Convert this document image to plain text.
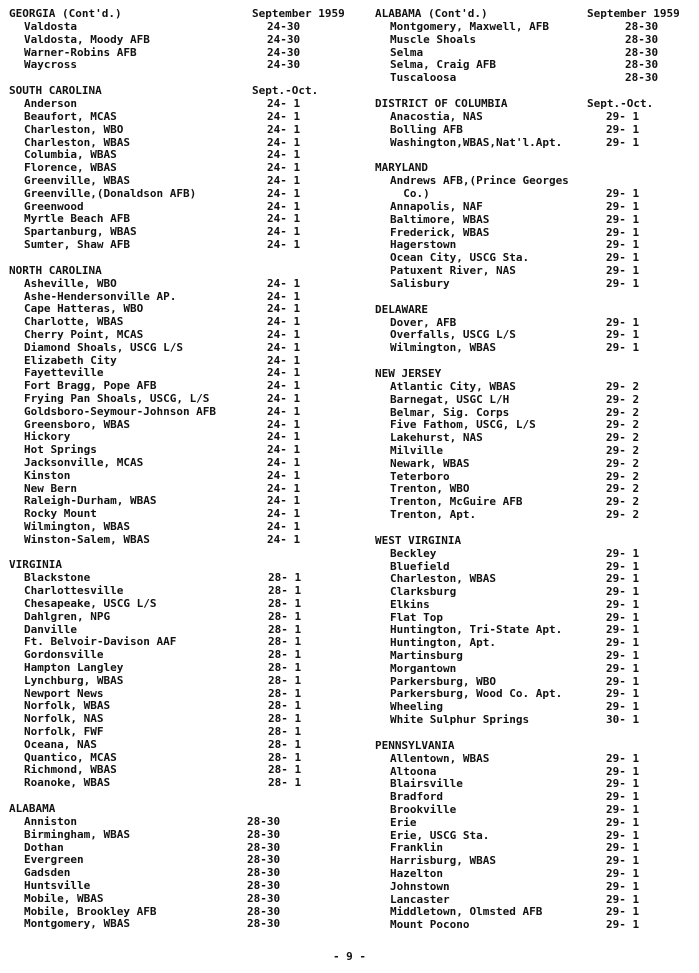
GEORGIA (Cont'd.)	September 1959
Valdosta	24-30
Valdosta, Moody AFB	24-30
Warner-Robins AFB	24-30
Waycross	24-30
SOUTH CAROLINA	Sept.-Oct.
Anderson	24- 1
Beaufort, MCAS	24- 1
Charleston, WBO	24- 1
Charleston, WBAS	24- 1
Columbia, WBAS	24- 1
Florence, WBAS	24- 1
Greenville, WBAS	24- 1
Greenville,(Donaldson AFB)	24- 1
Greenwood	24- 1
Myrtle Beach AFB	24- 1
Spartanburg, WBAS	24- 1
Sumter, Shaw AFB	24- 1
NORTH CAROLINA
Asheville, WBO	24- 1
Ashe-Hendersonville AP.	24- 1
Cape Hatteras, WBO	24- 1
Charlotte, WBAS	24- 1
Cherry Point, MCAS	24- 1
Diamond Shoals, USCG L/S	24- 1
Elizabeth City	24- 1
Fayetteville	24- 1
Fort Bragg, Pope AFB	24- 1
Frying Pan Shoals, USCG, L/S	24- 1
Goldsboro-Seymour-Johnson AFB	24- 1
Greensboro, WBAS	24- 1
Hickory	24- 1
Hot Springs	24- 1
Jacksonville, MCAS	24- 1
Kinston	24- 1
New Bern	24- 1
Raleigh-Durham, WBAS	24- 1
Rocky Mount	24- 1
Wilmington, WBAS	24- 1
Winston-Salem, WBAS	24- 1
VIRGINIA
Blackstone	28- 1
Charlottesville	28- 1
Chesapeake, USCG L/S	28- 1
Dahlgren, NPG	28- 1
Danville	28- 1
Ft. Belvoir-Davison AAF	28- 1
Gordonsville	28- 1
Hampton Langley	28- 1
Lynchburg, WBAS	28- 1
Newport News	28- 1
Norfolk, WBAS	28- 1
Norfolk, NAS	28- 1
Norfolk, FWF	28- 1
Oceana, NAS	28- 1
Quantico, MCAS	28- 1
Richmond, WBAS	28- 1
Roanoke, WBAS	28- 1
ALABAMA
Anniston	28-30
Birmingham, WBAS	28-30
Dothan	28-30
Evergreen	28-30
Gadsden	28-30
Huntsville	28-30
Mobile, WBAS	28-30
Mobile, Brookley AFB	28-30
Montgomery, WBAS	28-30
ALABAMA (Cont'd.)	September 1959
Montgomery, Maxwell, AFB	28-30
Muscle Shoals	28-30
Selma	28-30
Selma, Craig AFB	28-30
Tuscaloosa	28-30
DISTRICT OF COLUMBIA	Sept.-Oct.
Anacostia, NAS	29- 1
Bolling AFB	29- 1
Washington,WBAS,Nat'l.Apt.	29- 1
MARYLAND
Andrews AFB,(Prince Georges
Co.)	29- 1
Annapolis, NAF	29- 1
Baltimore, WBAS	29- 1
Frederick, WBAS	29- 1
Hagerstown	29- 1
Ocean City, USCG Sta.	29- 1
Patuxent River, NAS	29- 1
Salisbury	29- 1
DELAWARE
Dover, AFB	29- 1
Overfalls, USCG L/S	29- 1
Wilmington, WBAS	29- 1
NEW JERSEY
Atlantic City, WBAS	29- 2
Barnegat, USGC L/H	29- 2
Belmar, Sig. Corps	29- 2
Five Fathom, USCG, L/S	29- 2
Lakehurst, NAS	29- 2
Milville	29- 2
Newark, WBAS	29- 2
Teterboro	29- 2
Trenton, WBO	29- 2
Trenton, McGuire AFB	29- 2
Trenton, Apt.	29- 2
WEST VIRGINIA
Beckley	29- 1
Bluefield	29- 1
Charleston, WBAS	29- 1
Clarksburg	29- 1
Elkins	29- 1
Flat Top	29- 1
Huntington, Tri-State Apt.	29- 1
Huntington, Apt.	29- 1
Martinsburg	29- 1
Morgantown	29- 1
Parkersburg, WBO	29- 1
Parkersburg, Wood Co. Apt.	29- 1
Wheeling	29- 1
White Sulphur Springs	30- 1
PENNSYLVANIA
Allentown, WBAS	29- 1
Altoona	29- 1
Blairsville	29- 1
Bradford	29- 1
Brookville	29- 1
Erie	29- 1
Erie, USCG Sta.	29- 1
Franklin	29- 1
Harrisburg, WBAS	29- 1
Hazelton	29- 1
Johnstown	29- 1
Lancaster	29- 1
Middletown, Olmsted AFB	29- 1
Mount Pocono	29- 1
- 9 -
